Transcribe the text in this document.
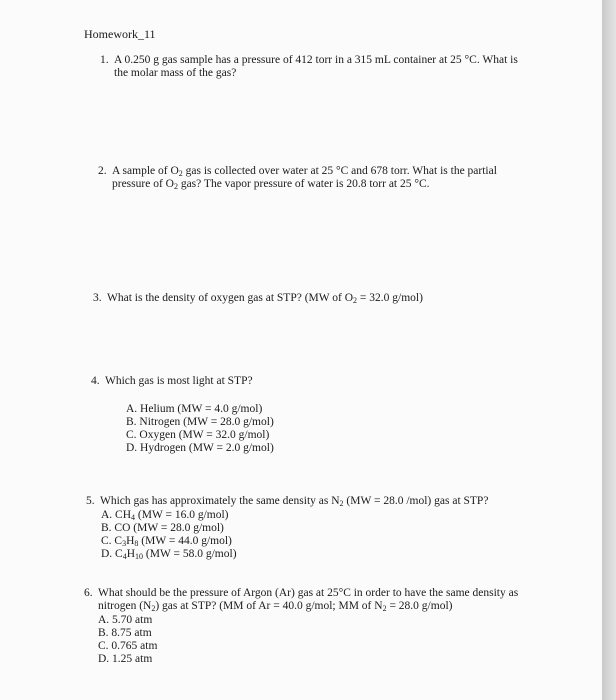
Homework_11
1. A 0.250 g gas sample has a pressure of 412 torr in a 315 mL container at 25 °C. What is
the molar mass of the gas?
2. A sample of $O_2$ gas is collected over water at 25 °C and 678 torr. What is the partial
pressure of $O_2$ gas? The vapor pressure of water is 20.8 torr at 25 °C.
3. What is the density of oxygen gas at STP? (MW of $O_2 = 32.0$ g/mol)
4. Which gas is most light at STP?
A. Helium (MW = 4.0 g/mol)
B. Nitrogen (MW = 28.0 g/mol)
C. Oxygen (MW = 32.0 g/mol)
D. Hydrogen (MW = 2.0 g/mol)
5. Which gas has approximately the same density as $N_2$ (MW = 28.0 /mol) gas at STP?
A. $CH_4$ (MW = 16.0 g/mol)
B. CO (MW = 28.0 g/mol)
C. $C_3H_8$ (MW = 44.0 g/mol)
D. $C_4H_{10}$ (MW = 58.0 g/mol)
6. What should be the pressure of Argon (Ar) gas at 25°C in order to have the same density as
nitrogen $(N_2)$ gas at STP? (MM of Ar = 40.0 g/mol; MM of $N_2 = 28.0$ g/mol)
A. 5.70 atm
B. 8.75 atm
C. 0.765 atm
D. 1.25 atm
